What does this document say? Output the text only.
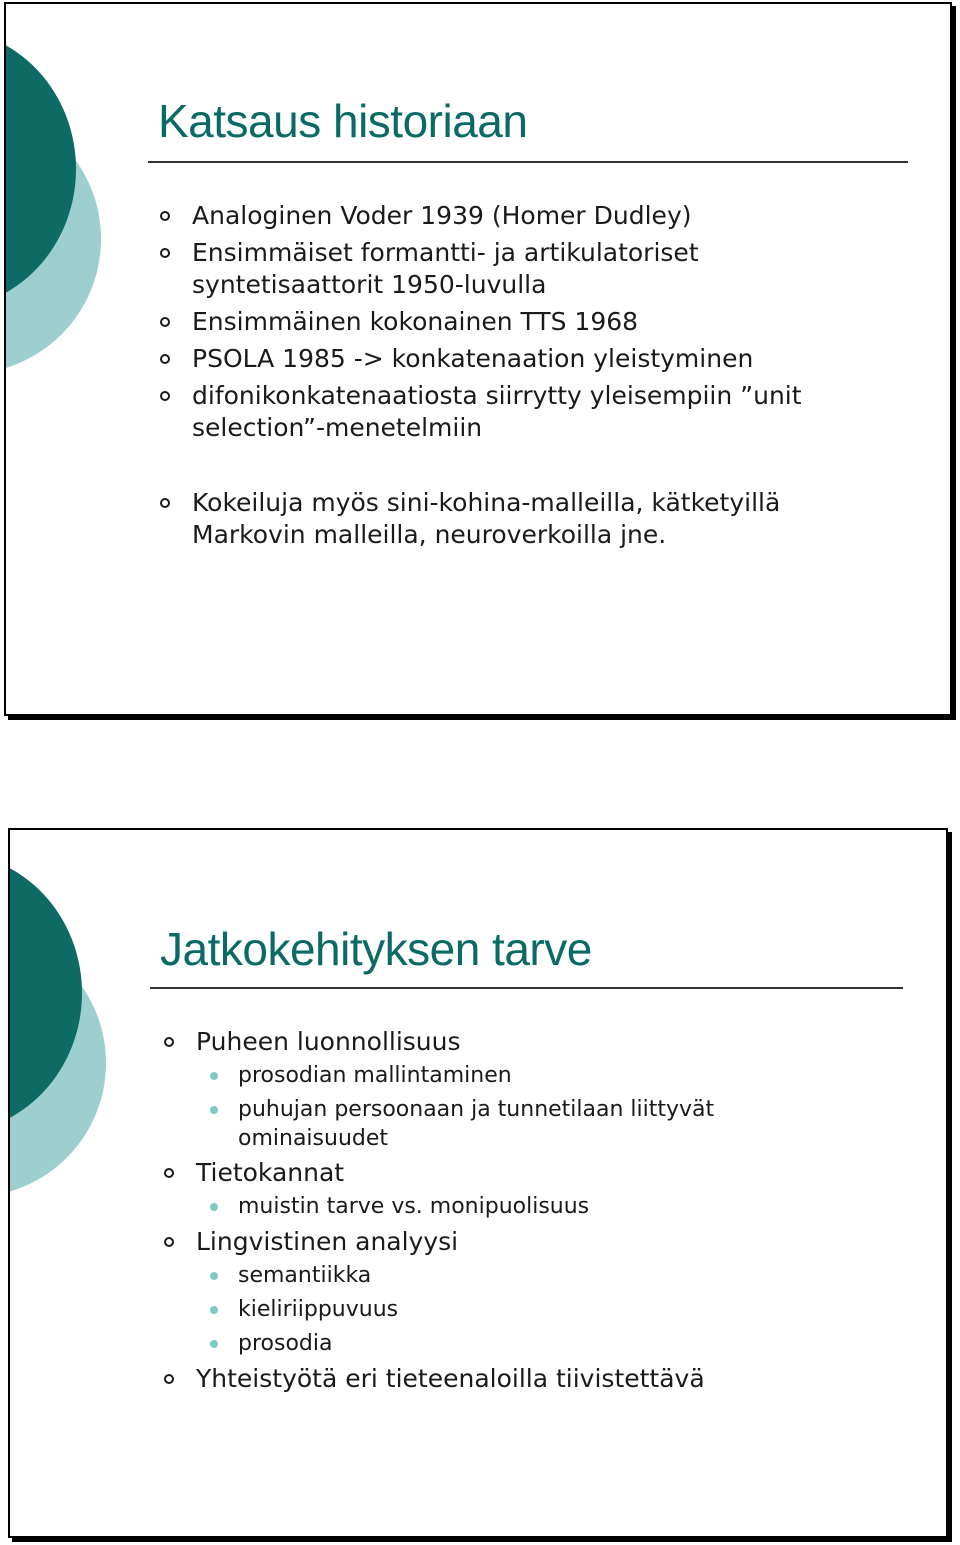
Katsaus historiaan
Analoginen Voder 1939 (Homer Dudley)
Ensimmäiset formantti- ja artikulatoriset
syntetisaattorit 1950-luvulla
Ensimmäinen kokonainen TTS 1968
PSOLA 1985 -> konkatenaation yleistyminen
difonikonkatenaatiosta siirrytty yleisempiin ”unit
selection”-menetelmiin
Kokeiluja myös sini-kohina-malleilla, kätketyillä
Markovin malleilla, neuroverkoilla jne.
Jatkokehityksen tarve
Puheen luonnollisuus
prosodian mallintaminen
puhujan persoonaan ja tunnetilaan liittyvät
ominaisuudet
Tietokannat
muistin tarve vs. monipuolisuus
Lingvistinen analyysi
semantiikka
kieliriippuvuus
prosodia
Yhteistyötä eri tieteenaloilla tiivistettävä
